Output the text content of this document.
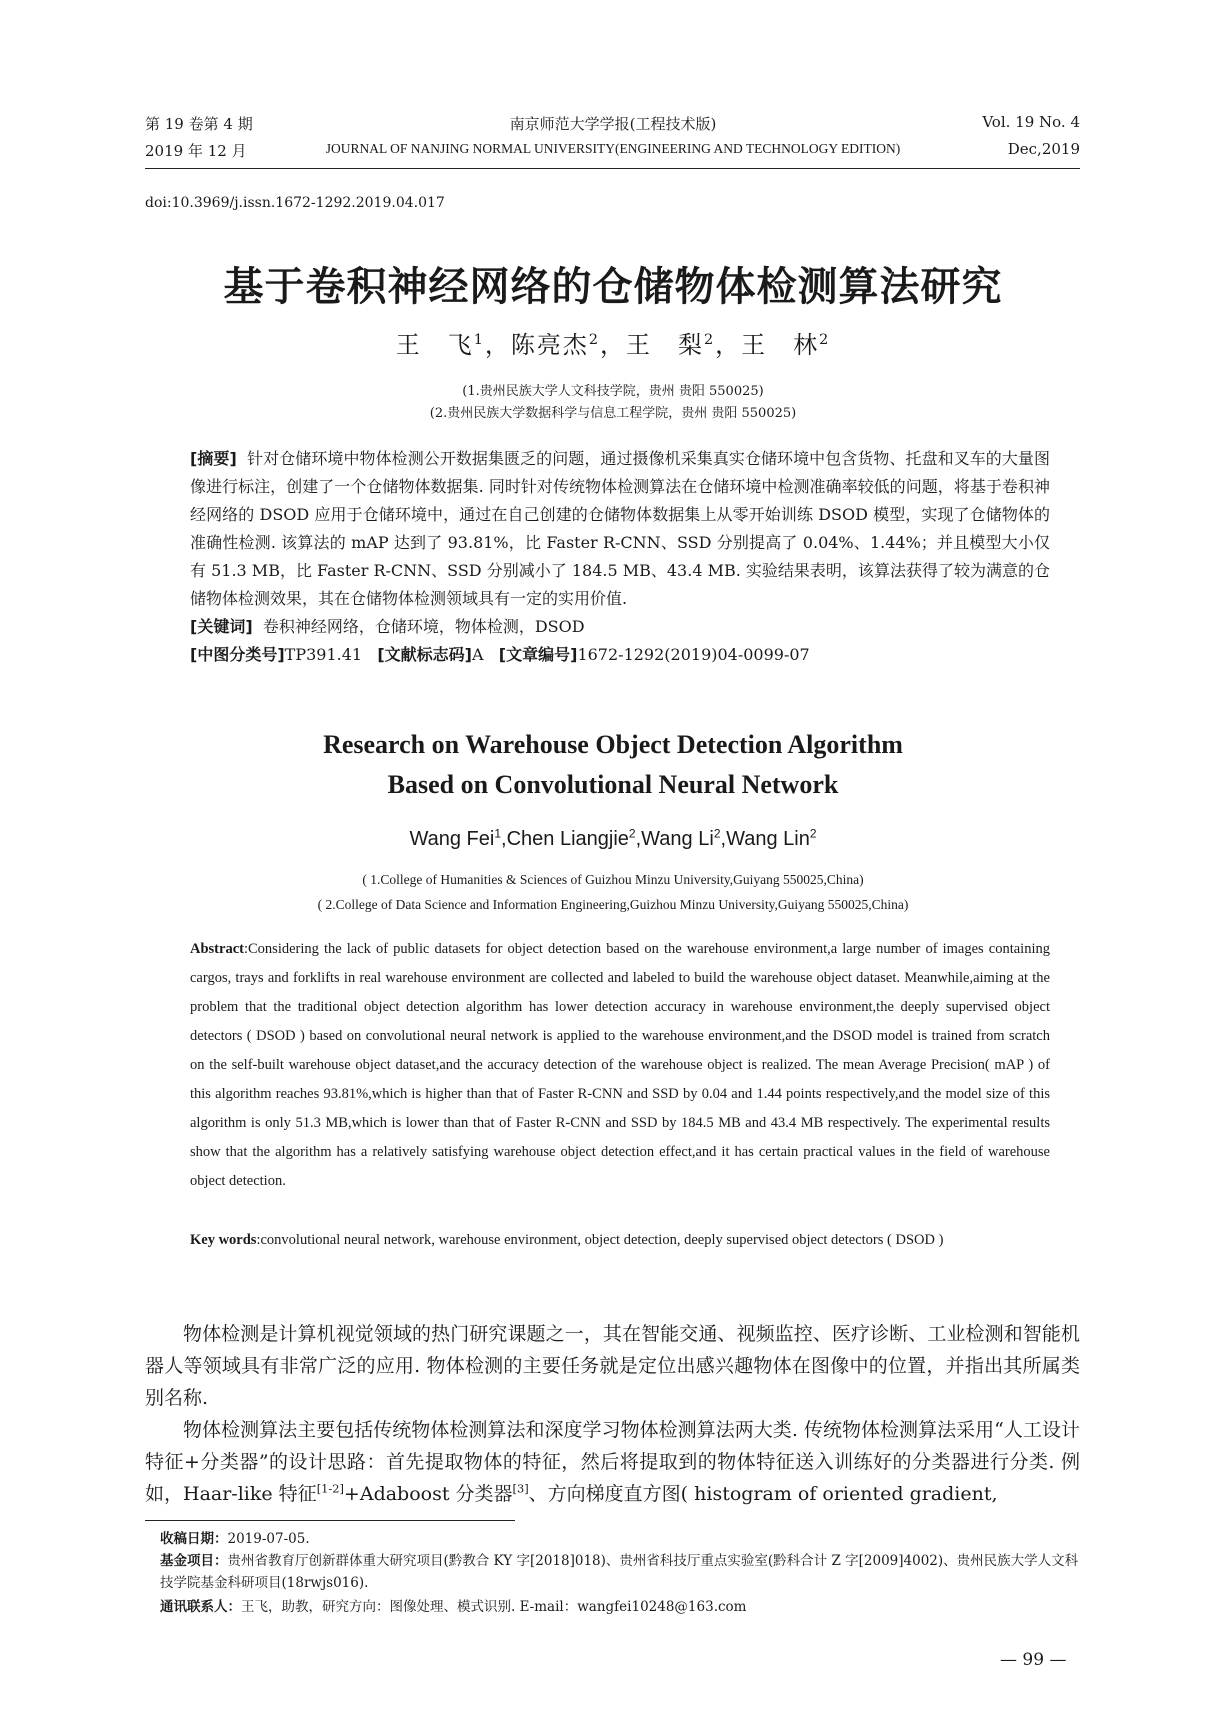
第 19 卷第 4 期	南京师范大学学报(工程技术版)	Vol. 19 No. 4
2019 年 12 月	JOURNAL OF NANJING NORMAL UNIVERSITY(ENGINEERING AND TECHNOLOGY EDITION)	Dec,2019
doi:10.3969/j.issn.1672-1292.2019.04.017
基于卷积神经网络的仓储物体检测算法研究
王　飞$^1$，陈亮杰$^2$，王　梨$^2$，王　林$^2$
(1.贵州民族大学人文科技学院，贵州 贵阳 550025)
(2.贵州民族大学数据科学与信息工程学院，贵州 贵阳 550025)
[摘要] 针对仓储环境中物体检测公开数据集匮乏的问题，通过摄像机采集真实仓储环境中包含货物、托盘和叉车的大量图像进行标注，创建了一个仓储物体数据集. 同时针对传统物体检测算法在仓储环境中检测准确率较低的问题，将基于卷积神经网络的 DSOD 应用于仓储环境中，通过在自己创建的仓储物体数据集上从零开始训练 DSOD 模型，实现了仓储物体的准确性检测. 该算法的 mAP 达到了 93.81%，比 Faster R-CNN、SSD 分别提高了 0.04%、1.44%；并且模型大小仅有 51.3 MB，比 Faster R-CNN、SSD 分别减小了 184.5 MB、43.4 MB. 实验结果表明，该算法获得了较为满意的仓储物体检测效果，其在仓储物体检测领域具有一定的实用价值.
[关键词] 卷积神经网络，仓储环境，物体检测，DSOD
[中图分类号]TP391.41 [文献标志码]A [文章编号]1672-1292(2019)04-0099-07
Research on Warehouse Object Detection Algorithm
Based on Convolutional Neural Network
Wang Fei$^1$,Chen Liangjie$^2$,Wang Li$^2$,Wang Lin$^2$
( 1.College of Humanities & Sciences of Guizhou Minzu University,Guiyang 550025,China)
( 2.College of Data Science and Information Engineering,Guizhou Minzu University,Guiyang 550025,China)
Abstract:Considering the lack of public datasets for object detection based on the warehouse environment,a large number of images containing cargos, trays and forklifts in real warehouse environment are collected and labeled to build the warehouse object dataset. Meanwhile,aiming at the problem that the traditional object detection algorithm has lower detection accuracy in warehouse environment,the deeply supervised object detectors ( DSOD ) based on convolutional neural network is applied to the warehouse environment,and the DSOD model is trained from scratch on the self-built warehouse object dataset,and the accuracy detection of the warehouse object is realized. The mean Average Precision( mAP ) of this algorithm reaches 93.81%,which is higher than that of Faster R-CNN and SSD by 0.04 and 1.44 points respectively,and the model size of this algorithm is only 51.3 MB,which is lower than that of Faster R-CNN and SSD by 184.5 MB and 43.4 MB respectively. The experimental results show that the algorithm has a relatively satisfying warehouse object detection effect,and it has certain practical values in the field of warehouse object detection.
Key words:convolutional neural network, warehouse environment, object detection, deeply supervised object detectors ( DSOD )
物体检测是计算机视觉领域的热门研究课题之一，其在智能交通、视频监控、医疗诊断、工业检测和智能机器人等领域具有非常广泛的应用. 物体检测的主要任务就是定位出感兴趣物体在图像中的位置，并指出其所属类别名称.
物体检测算法主要包括传统物体检测算法和深度学习物体检测算法两大类. 传统物体检测算法采用“人工设计特征+分类器”的设计思路：首先提取物体的特征，然后将提取到的物体特征送入训练好的分类器进行分类. 例如，Haar-like 特征[1-2]+Adaboost 分类器[3]、方向梯度直方图( histogram of oriented gradient,
收稿日期：2019-07-05.
基金项目：贵州省教育厅创新群体重大研究项目(黔教合 KY 字[2018]018)、贵州省科技厅重点实验室(黔科合计 Z 字[2009]4002)、贵州民族大学人文科技学院基金科研项目(18rwjs016).
通讯联系人：王飞，助教，研究方向：图像处理、模式识别. E-mail：wangfei10248@163.com
— 99 —
